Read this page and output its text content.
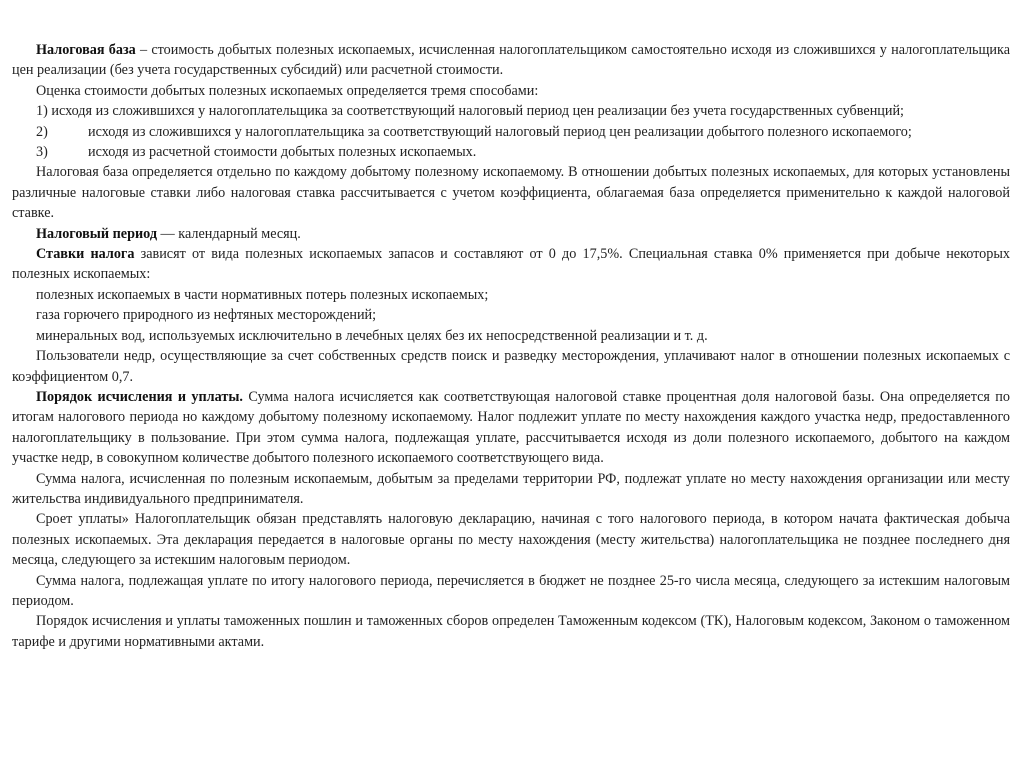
Налоговая база – стоимость добытых полезных ископаемых, исчисленная налогоплательщиком самостоятельно исходя из сложившихся у налогоплательщика цен реализации (без учета государственных субсидий) или расчетной стоимости.

Оценка стоимости добытых полезных ископаемых определяется тремя способами:

1) исходя из сложившихся у налогоплательщика за соответствующий налоговый период цен реализации без учета государственных субвенций;

2)	исходя из сложившихся у налогоплательщика за соответствующий налоговый период цен реализации добытого полезного ископаемого;

3)	исходя из расчетной стоимости добытых полезных ископаемых.

Налоговая база определяется отдельно по каждому добытому полезному ископаемому. В отношении добытых полезных ископаемых, для которых установлены различные налоговые ставки либо налоговая ставка рассчитывается с учетом коэффициента, облагаемая база определяется применительно к каждой налоговой ставке.

Налоговый период — календарный месяц.

Ставки налога зависят от вида полезных ископаемых запасов и составляют от 0 до 17,5%. Специальная ставка 0% применяется при добыче некоторых полезных ископаемых:

полезных ископаемых в части нормативных потерь полезных ископаемых;

газа горючего природного из нефтяных месторождений;

минеральных вод, используемых исключительно в лечебных целях без их непосредственной реализации и т. д.

Пользователи недр, осуществляющие за счет собственных средств поиск и разведку месторождения, уплачивают налог в отношении полезных ископаемых с коэффициентом 0,7.

Порядок исчисления и уплаты. Сумма налога исчисляется как соответствующая налоговой ставке процентная доля налоговой базы. Она определяется по итогам налогового периода но каждому добытому полезному ископаемому. Налог подлежит уплате по месту нахождения каждого участка недр, предоставленного налогоплательщику в пользование. При этом сумма налога, подлежащая уплате, рассчитывается исходя из доли полезного ископаемого, добытого на каждом участке недр, в совокупном количестве добытого полезного ископаемого соответствующего вида.

Сумма налога, исчисленная по полезным ископаемым, добытым за пределами территории РФ, подлежат уплате но месту нахождения организации или месту жительства индивидуального предпринимателя.

Сроет уплаты» Налогоплательщик обязан представлять налоговую декларацию, начиная с того налогового периода, в котором начата фактическая добыча полезных ископаемых. Эта декларация передается в налоговые органы по месту нахождения (месту жительства) налогоплательщика не позднее последнего дня месяца, следующего за истекшим налоговым периодом.

Сумма налога, подлежащая уплате по итогу налогового периода, перечисляется в бюджет не позднее 25-го числа месяца, следующего за истекшим налоговым периодом.

Порядок исчисления и уплаты таможенных пошлин и таможенных сборов определен Таможенным кодексом (ТК), Налоговым кодексом, Законом о таможенном тарифе и другими нормативными актами.
